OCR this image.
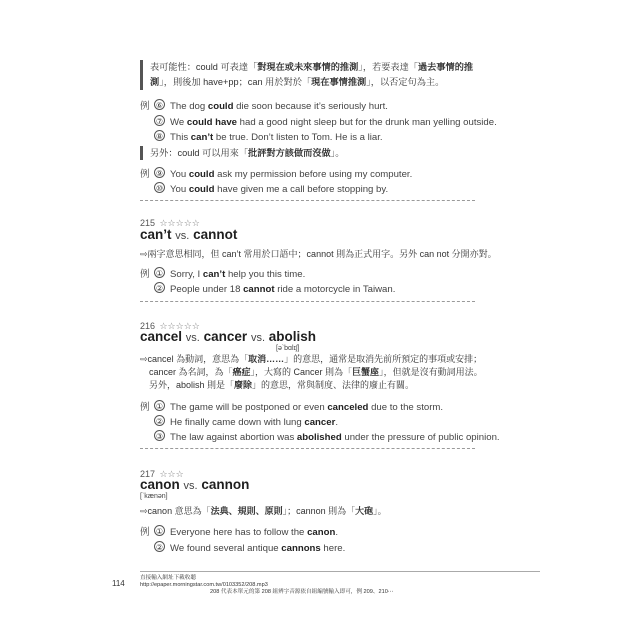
表可能性：could 可表達「對現在或未來事情的推測」，若要表達「過去事情的推
測」，則後加 have+pp；can 用於對於「現在事情推測」，以否定句為主。
例 ⑥ The dog could die soon because it’s seriously hurt.
⑦ We could have had a good night sleep but for the drunk man yelling outside.
⑧ This can’t be true. Don’t listen to Tom. He is a liar.
另外：could 可以用來「批評對方該做而沒做」。
例 ⑨ You could ask my permission before using my computer.
⑩ You could have given me a call before stopping by.
215 ☆☆☆☆☆
can’t vs. cannot
⇨兩字意思相同，但 can’t 常用於口語中；cannot 則為正式用字。另外 can not 分開亦對。
例 ① Sorry, I can’t help you this time.
② People under 18 cannot ride a motorcycle in Taiwan.
216 ☆☆☆☆☆
cancel vs. cancer vs. abolish
[ə`bɑlɪʃ]
⇨cancel 為動詞，意思為「取消……」的意思，通常是取消先前所預定的事項或安排；
cancer 為名詞，為「癌症」，大寫的 Cancer 則為「巨蟹座」，但就是沒有動詞用法。
另外，abolish 則是「廢除」的意思，常與制度、法律的廢止有關。
例 ① The game will be postponed or even canceled due to the storm.
② He finally came down with lung cancer.
③ The law against abortion was abolished under the pressure of public opinion.
217 ☆☆☆
canon vs. cannon
[`kænən]
⇨canon 意思為「法典、規則、原則」；cannon 則為「大砲」。
例 ① Everyone here has to follow the canon.
② We found several antique cannons here.
114
直接輸入網址下載收聽
http://epaper.morningstar.com.tw/0103352/208.mp3
208 代表本單元的第 208 組辨字音源依自組編號輸入即可，例 209、210⋯
